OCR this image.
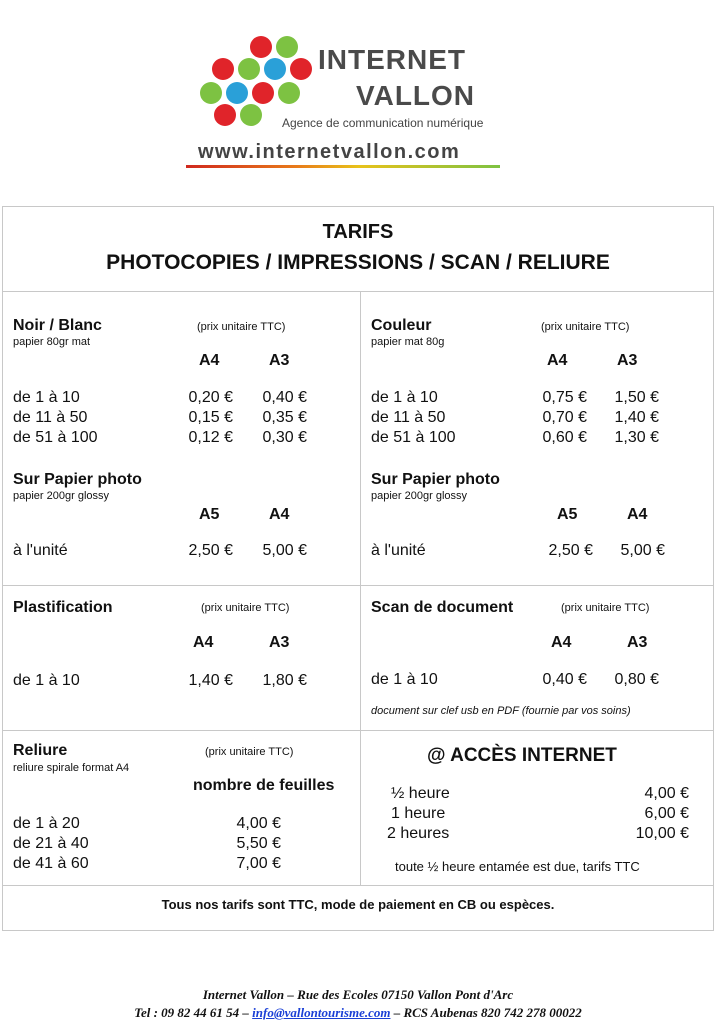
INTERNET
VALLON
Agence de communication numérique
www.internetvallon.com
TARIFS
PHOTOCOPIES / IMPRESSIONS / SCAN / RELIURE
Noir / Blanc	(prix unitaire TTC)
papier 80gr mat
A4	A3
de 1 à 10	0,20 €	0,40 €
de 11 à 50	0,15 €	0,35 €
de 51 à 100	0,12 €	0,30 €
Couleur	(prix unitaire TTC)
papier mat 80g
A4	A3
de 1 à 10	0,75 €	1,50 €
de 11 à 50	0,70 €	1,40 €
de 51 à 100	0,60 €	1,30 €
Sur Papier photo
papier 200gr glossy
A5	A4
à l'unité	2,50 €	5,00 €
Sur Papier photo
papier 200gr glossy
A5	A4
à l'unité	2,50 €	5,00 €
Plastification	(prix unitaire TTC)
A4	A3
de 1 à 10	1,40 €	1,80 €
Scan de document	(prix unitaire TTC)
A4	A3
de 1 à 10	0,40 €	0,80 €
document sur clef usb en PDF (fournie par vos soins)
Reliure	(prix unitaire TTC)
reliure spirale format A4
nombre de feuilles
de 1 à 20	4,00 €
de 21 à 40	5,50 €
de 41 à 60	7,00 €
@ ACCÈS INTERNET
½ heure	4,00 €
1 heure	6,00 €
2 heures	10,00 €
toute ½ heure entamée est due, tarifs TTC
Tous nos tarifs sont TTC, mode de paiement en CB ou espèces.
Internet Vallon – Rue des Ecoles 07150 Vallon Pont d'Arc
Tel : 09 82 44 61 54 – info@vallontourisme.com – RCS Aubenas 820 742 278 00022
